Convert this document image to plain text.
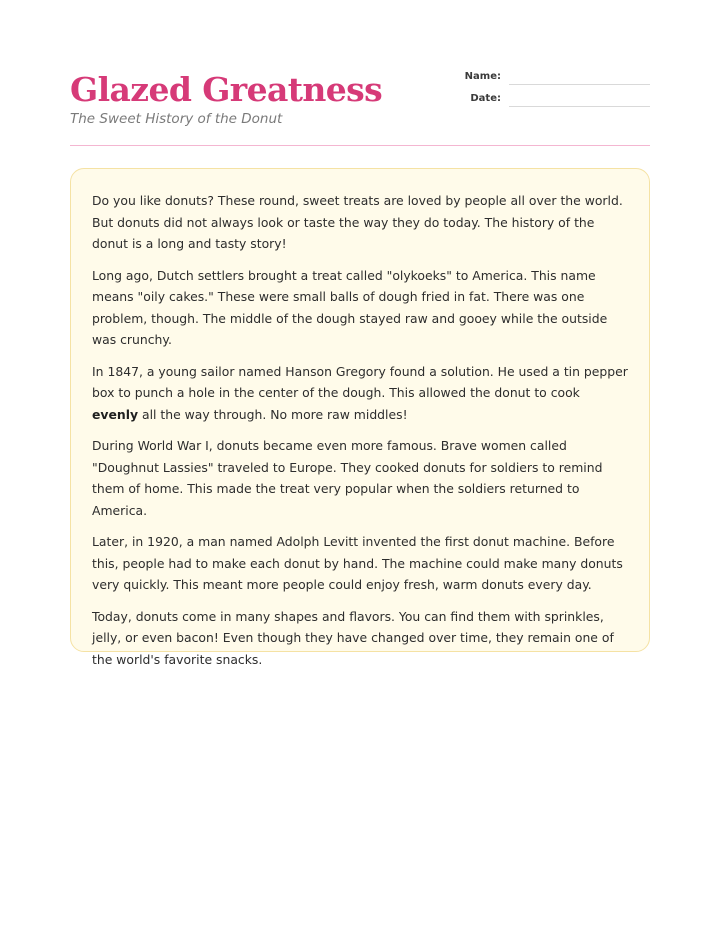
Glazed Greatness

The Sweet History of the Donut

Name:
Date:

Do you like donuts? These round, sweet treats are loved by people all over the world. But donuts did not always look or taste the way they do today. The history of the donut is a long and tasty story!

Long ago, Dutch settlers brought a treat called "olykoeks" to America. This name means "oily cakes." These were small balls of dough fried in fat. There was one problem, though. The middle of the dough stayed raw and gooey while the outside was crunchy.

In 1847, a young sailor named Hanson Gregory found a solution. He used a tin pepper box to punch a hole in the center of the dough. This allowed the donut to cook evenly all the way through. No more raw middles!

During World War I, donuts became even more famous. Brave women called "Doughnut Lassies" traveled to Europe. They cooked donuts for soldiers to remind them of home. This made the treat very popular when the soldiers returned to America.

Later, in 1920, a man named Adolph Levitt invented the first donut machine. Before this, people had to make each donut by hand. The machine could make many donuts very quickly. This meant more people could enjoy fresh, warm donuts every day.

Today, donuts come in many shapes and flavors. You can find them with sprinkles, jelly, or even bacon! Even though they have changed over time, they remain one of the world's favorite snacks.
